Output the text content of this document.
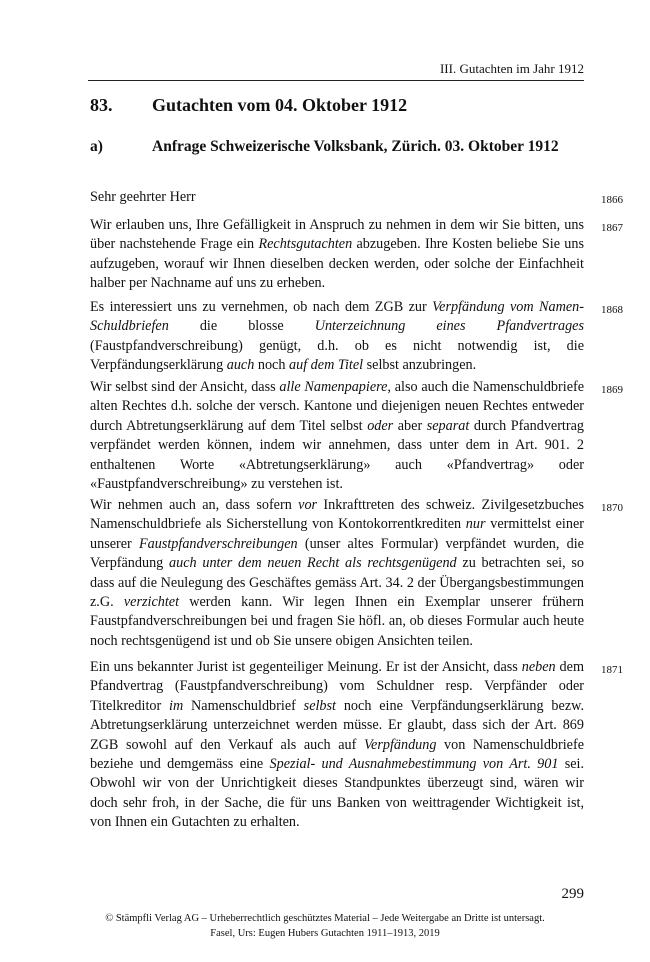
III. Gutachten im Jahr 1912
83. Gutachten vom 04. Oktober 1912
a)	Anfrage Schweizerische Volksbank, Zürich. 03. Oktober 1912

Sehr geehrter Herr	1866

Wir erlauben uns, Ihre Gefälligkeit in Anspruch zu nehmen in dem wir Sie bitten, uns über nachstehende Frage ein Rechtsgutachten abzugeben. Ihre Kosten beliebe Sie uns aufzugeben, worauf wir Ihnen dieselben decken werden, oder solche der Einfachheit halber per Nachname auf uns zu erheben.

1867

Es interessiert uns zu vernehmen, ob nach dem ZGB zur Verpfändung vom Namen-Schuldbriefen die blosse Unterzeichnung eines Pfandvertrages (Faustpfandverschreibung) genügt, d.h. ob es nicht notwendig ist, die Verpfändungserklärung auch noch auf dem Titel selbst anzubringen.

1868

Wir selbst sind der Ansicht, dass alle Namenpapiere, also auch die Namenschuldbriefe alten Rechtes d.h. solche der versch. Kantone und diejenigen neuen Rechtes entweder durch Abtretungserklärung auf dem Titel selbst oder aber separat durch Pfandvertrag verpfändet werden können, indem wir annehmen, dass unter dem in Art. 901. 2 enthaltenen Worte «Abtretungserklärung» auch «Pfandvertrag» oder «Faustpfandverschreibung» zu verstehen ist.

1869

Wir nehmen auch an, dass sofern vor Inkrafttreten des schweiz. Zivilgesetzbuches Namenschuldbriefe als Sicherstellung von Kontokorrentkrediten nur vermittelst einer unserer Faustpfandverschreibungen (unser altes Formular) verpfändet wurden, die Verpfändung auch unter dem neuen Recht als rechtsgenügend zu betrachten sei, so dass auf die Neulegung des Geschäftes gemäss Art. 34. 2 der Übergangsbestimmungen z.G. verzichtet werden kann. Wir legen Ihnen ein Exemplar unserer frühern Faustpfandverschreibungen bei und fragen Sie höfl. an, ob dieses Formular auch heute noch rechtsgenügend ist und ob Sie unsere obigen Ansichten teilen.

1870

Ein uns bekannter Jurist ist gegenteiliger Meinung. Er ist der Ansicht, dass neben dem Pfandvertrag (Faustpfandverschreibung) vom Schuldner resp. Verpfänder oder Titelkreditor im Namenschuldbrief selbst noch eine Verpfändungserklärung bezw. Abtretungserklärung unterzeichnet werden müsse. Er glaubt, dass sich der Art. 869 ZGB sowohl auf den Verkauf als auch auf Verpfändung von Namenschuldbriefe beziehe und demgemäss eine Spezial- und Ausnahmebestimmung von Art. 901 sei. Obwohl wir von der Unrichtigkeit dieses Standpunktes überzeugt sind, wären wir doch sehr froh, in der Sache, die für uns Banken von weittragender Wichtigkeit ist, von Ihnen ein Gutachten zu erhalten.

1871
299
© Stämpfli Verlag AG – Urheberrechtlich geschütztes Material – Jede Weitergabe an Dritte ist untersagt.
Fasel, Urs: Eugen Hubers Gutachten 1911–1913, 2019
